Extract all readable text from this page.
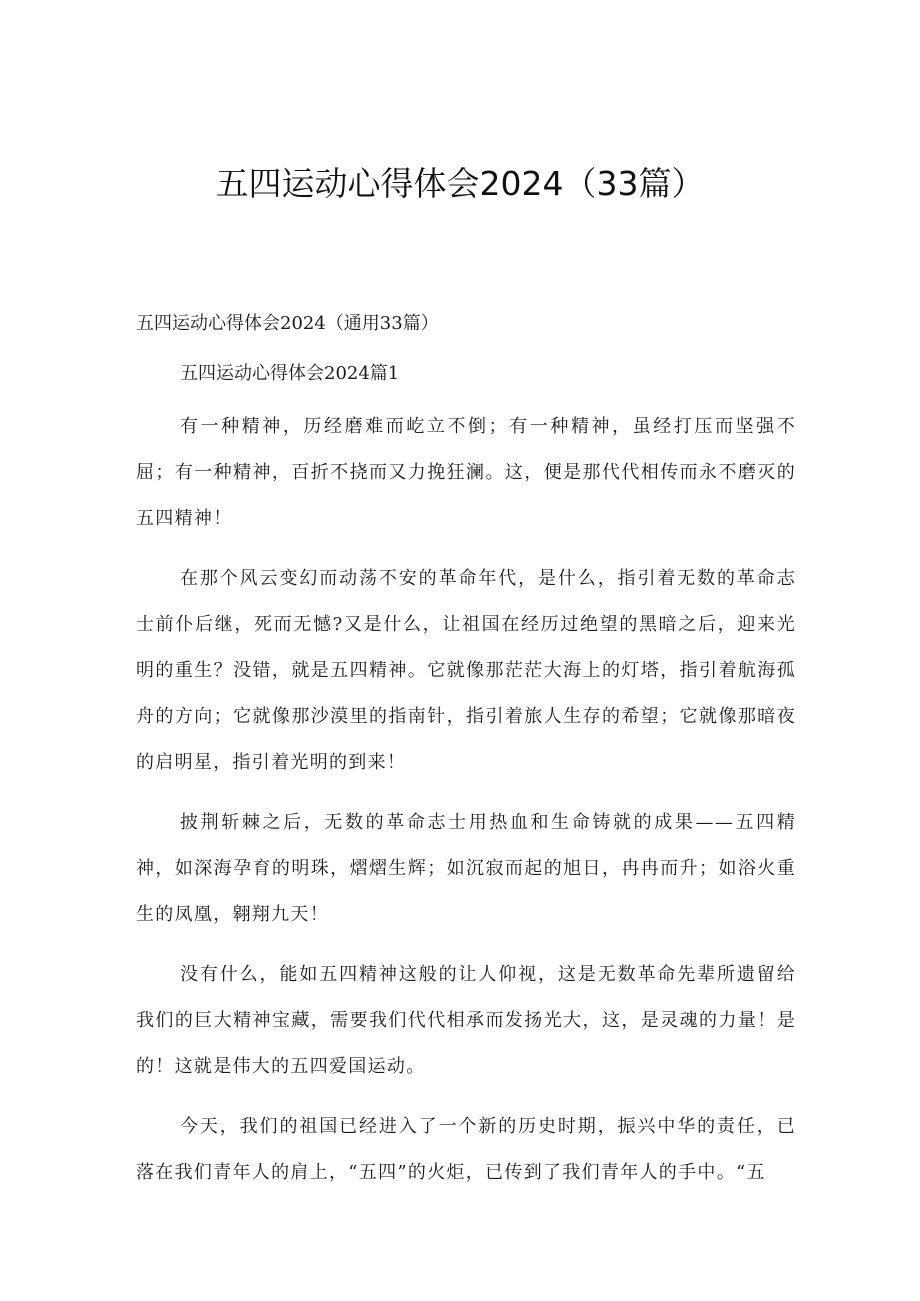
五四运动心得体会2024（33篇）
五四运动心得体会2024（通用33篇）
五四运动心得体会2024篇1

有一种精神，历经磨难而屹立不倒；有一种精神，虽经打压而坚强不屈；有一种精神，百折不挠而又力挽狂澜。这，便是那代代相传而永不磨灭的五四精神！

在那个风云变幻而动荡不安的革命年代，是什么，指引着无数的革命志士前仆后继，死而无憾?又是什么，让祖国在经历过绝望的黑暗之后，迎来光明的重生？没错，就是五四精神。它就像那茫茫大海上的灯塔，指引着航海孤舟的方向；它就像那沙漠里的指南针，指引着旅人生存的希望；它就像那暗夜的启明星，指引着光明的到来！

披荆斩棘之后，无数的革命志士用热血和生命铸就的成果——五四精神，如深海孕育的明珠，熠熠生辉；如沉寂而起的旭日，冉冉而升；如浴火重生的凤凰，翱翔九天！

没有什么，能如五四精神这般的让人仰视，这是无数革命先辈所遗留给我们的巨大精神宝藏，需要我们代代相承而发扬光大，这，是灵魂的力量！是的！这就是伟大的五四爱国运动。

今天，我们的祖国已经进入了一个新的历史时期，振兴中华的责任，已落在我们青年人的肩上，“五四”的火炬，已传到了我们青年人的手中。“五
